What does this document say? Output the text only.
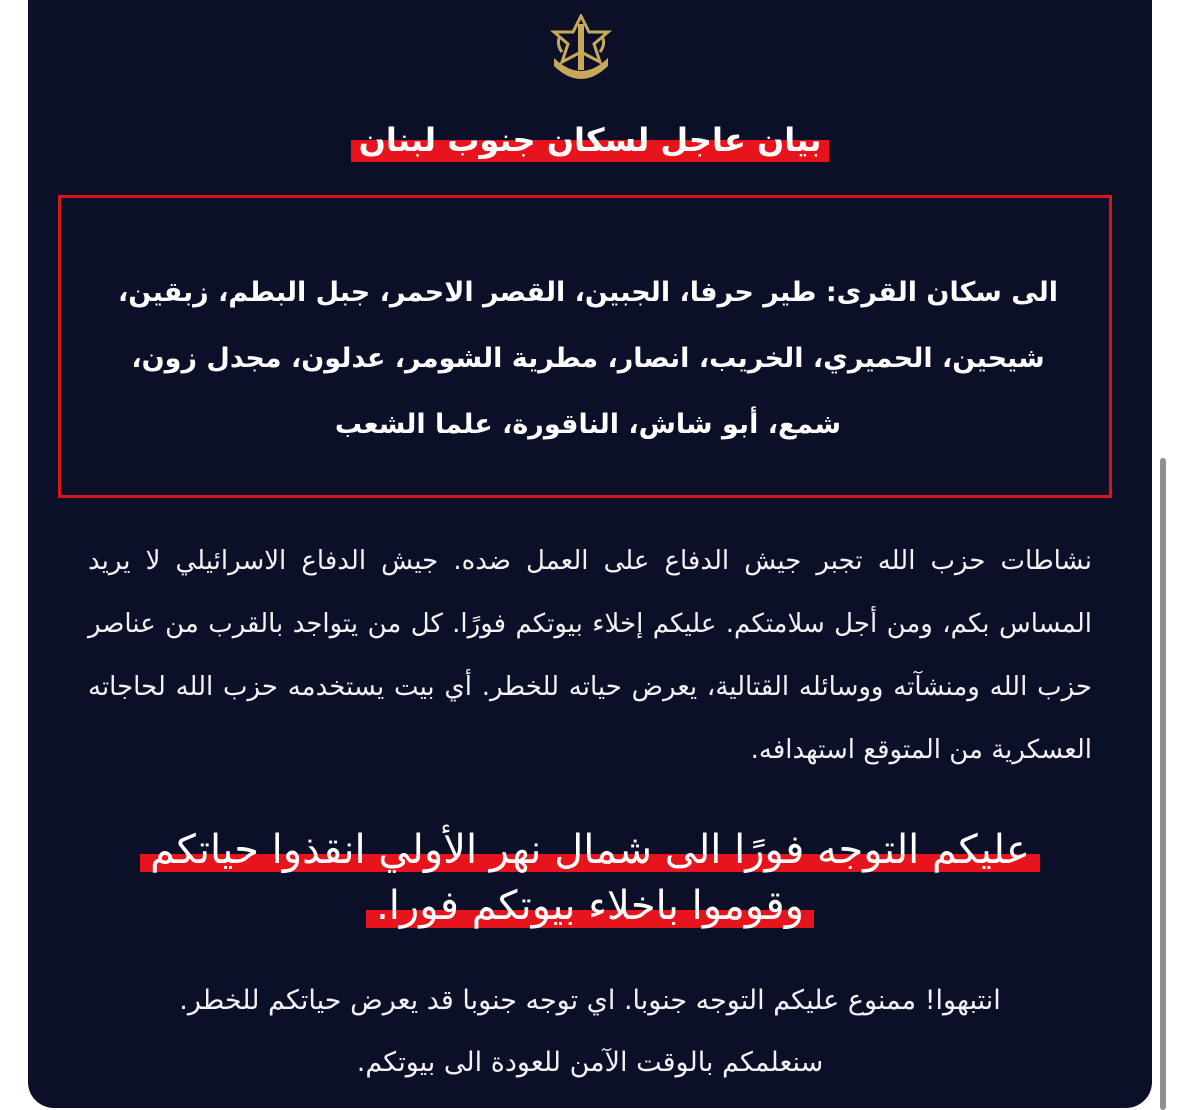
بيان عاجل لسكان جنوب لبنان
الى سكان القرى: طير حرفا، الجبين، القصر الاحمر، جبل البطم، زبقين، شيحين، الحميري، الخريب، انصار، مطرية الشومر، عدلون، مجدل زون، شمع، أبو شاش، الناقورة، علما الشعب
نشاطات حزب الله تجبر جيش الدفاع على العمل ضده. جيش الدفاع الاسرائيلي لا يريد المساس بكم، ومن أجل سلامتكم. عليكم إخلاء بيوتكم فورًا. كل من يتواجد بالقرب من عناصر حزب الله ومنشآته ووسائله القتالية، يعرض حياته للخطر. أي بيت يستخدمه حزب الله لحاجاته العسكرية من المتوقع استهدافه.
عليكم التوجه فورًا الى شمال نهر الأولي انقذوا حياتكم
وقوموا باخلاء بيوتكم فورا.
انتبهوا! ممنوع عليكم التوجه جنوبا. اي توجه جنوبا قد يعرض حياتكم للخطر.
سنعلمكم بالوقت الآمن للعودة الى بيوتكم.
